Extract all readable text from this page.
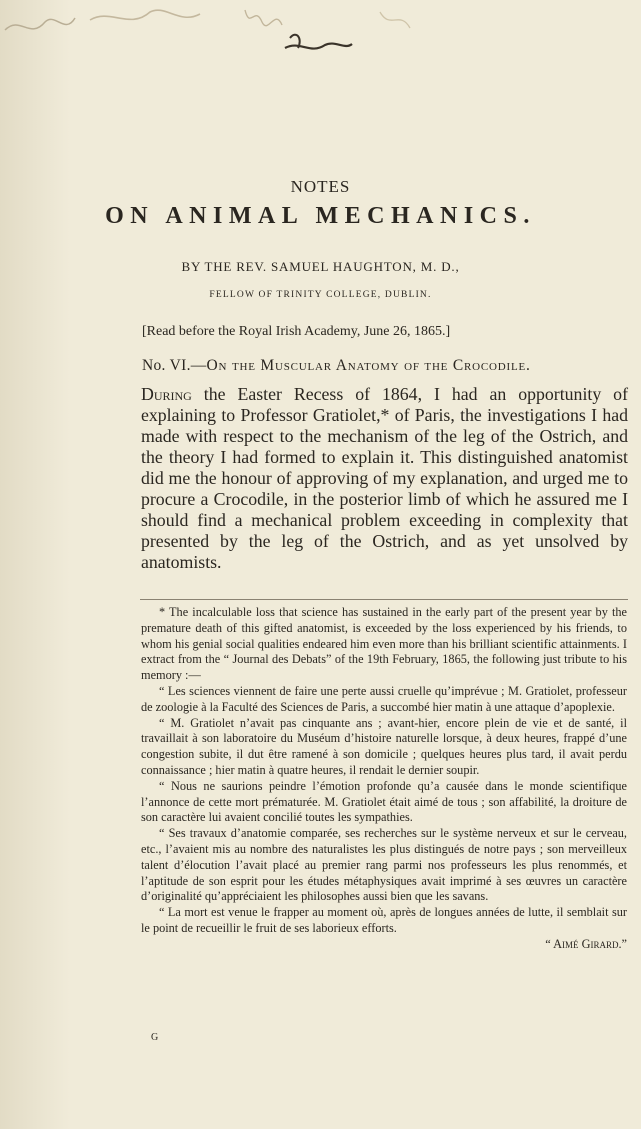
NOTES
ON ANIMAL MECHANICS.
BY THE REV. SAMUEL HAUGHTON, M. D.,
FELLOW OF TRINITY COLLEGE, DUBLIN.
[Read before the Royal Irish Academy, June 26, 1865.]
No. VI.—On the Muscular Anatomy of the Crocodile.
During the Easter Recess of 1864, I had an opportunity of explaining to Professor Gratiolet,* of Paris, the investigations I had made with respect to the mechanism of the leg of the Ostrich, and the theory I had formed to explain it. This distinguished anatomist did me the honour of approving of my explanation, and urged me to procure a Crocodile, in the posterior limb of which he assured me I should find a mechanical problem exceeding in complexity that presented by the leg of the Ostrich, and as yet unsolved by anatomists.

* The incalculable loss that science has sustained in the early part of the present year by the premature death of this gifted anatomist, is exceeded by the loss experienced by his friends, to whom his genial social qualities endeared him even more than his brilliant scientific attainments. I extract from the “ Journal des Debats” of the 19th February, 1865, the following just tribute to his memory :—

“ Les sciences viennent de faire une perte aussi cruelle qu’imprévue ; M. Gratiolet, professeur de zoologie à la Faculté des Sciences de Paris, a succombé hier matin à une attaque d’apoplexie.

“ M. Gratiolet n’avait pas cinquante ans ; avant-hier, encore plein de vie et de santé, il travaillait à son laboratoire du Muséum d’histoire naturelle lorsque, à deux heures, frappé d’une congestion subite, il dut être ramené à son domicile ; quelques heures plus tard, il avait perdu connaissance ; hier matin à quatre heures, il rendait le dernier soupir.

“ Nous ne saurions peindre l’émotion profonde qu’a causée dans le monde scientifique l’annonce de cette mort prématurée. M. Gratiolet était aimé de tous ; son affabilité, la droiture de son caractère lui avaient concilié toutes les sympathies.

“ Ses travaux d’anatomie comparée, ses recherches sur le système nerveux et sur le cerveau, etc., l’avaient mis au nombre des naturalistes les plus distingués de notre pays ; son merveilleux talent d’élocution l’avait placé au premier rang parmi nos professeurs les plus renommés, et l’aptitude de son esprit pour les études métaphysiques avait imprimé à ses œuvres un caractère d’originalité qu’appréciaient les philosophes aussi bien que les savans.

“ La mort est venue le frapper au moment où, après de longues années de lutte, il semblait sur le point de recueillir le fruit de ses laborieux efforts.

“ Aimé Girard.”

G
